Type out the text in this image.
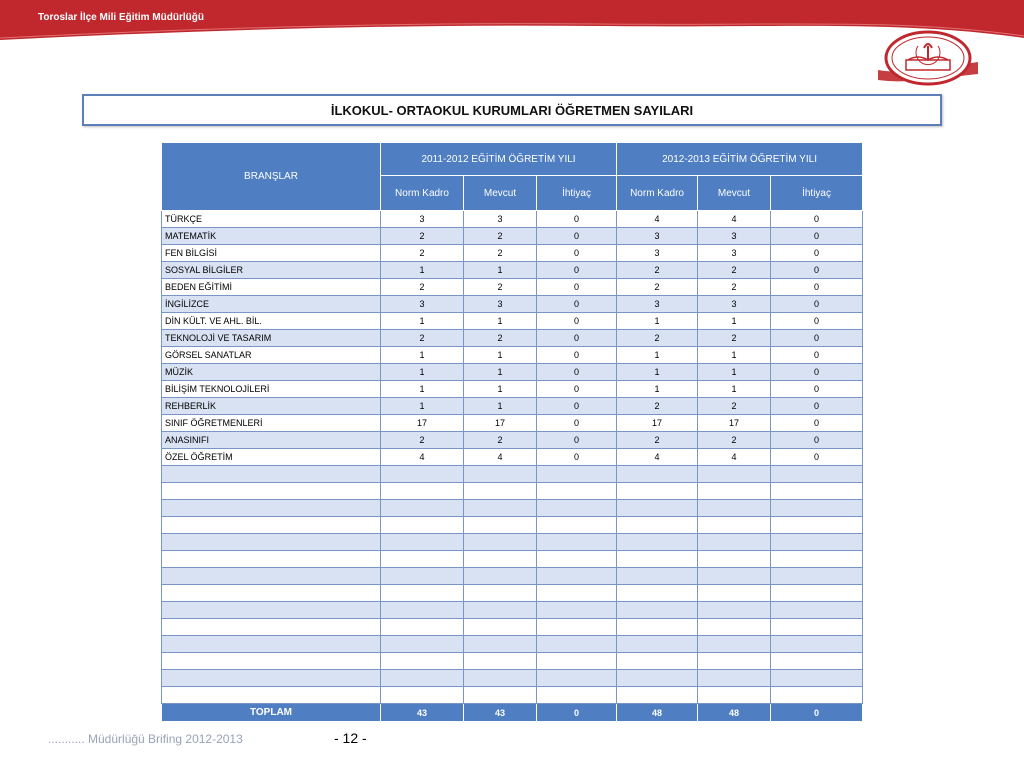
Toroslar İlçe Mili Eğitim Müdürlüğü
İLKOKUL- ORTAOKUL KURUMLARI ÖĞRETMEN SAYILARI
BRANŞLAR	2011-2012 EĞİTİM ÖĞRETİM YILI			2012-2013 EĞİTİM ÖĞRETİM YILI		
	Norm Kadro	Mevcut	İhtiyaç	Norm Kadro	Mevcut	İhtiyaç
TÜRKÇE	3	3	0	4	4	0
MATEMATİK	2	2	0	3	3	0
FEN BİLGİSİ	2	2	0	3	3	0
SOSYAL BİLGİLER	1	1	0	2	2	0
BEDEN EĞİTİMİ	2	2	0	2	2	0
İNGİLİZCE	3	3	0	3	3	0
DİN KÜLT. VE AHL. BİL.	1	1	0	1	1	0
TEKNOLOJİ VE TASARIM	2	2	0	2	2	0
GÖRSEL SANATLAR	1	1	0	1	1	0
MÜZİK	1	1	0	1	1	0
BİLİŞİM TEKNOLOJİLERİ	1	1	0	1	1	0
REHBERLİK	1	1	0	2	2	0
SINIF ÖĞRETMENLERİ	17	17	0	17	17	0
ANASINIFI	2	2	0	2	2	0
ÖZEL ÖĞRETİM	4	4	0	4	4	0

TOPLAM	43	43	0	48	48	0
........... Müdürlüğü Brifing 2012-2013	- 12 -
